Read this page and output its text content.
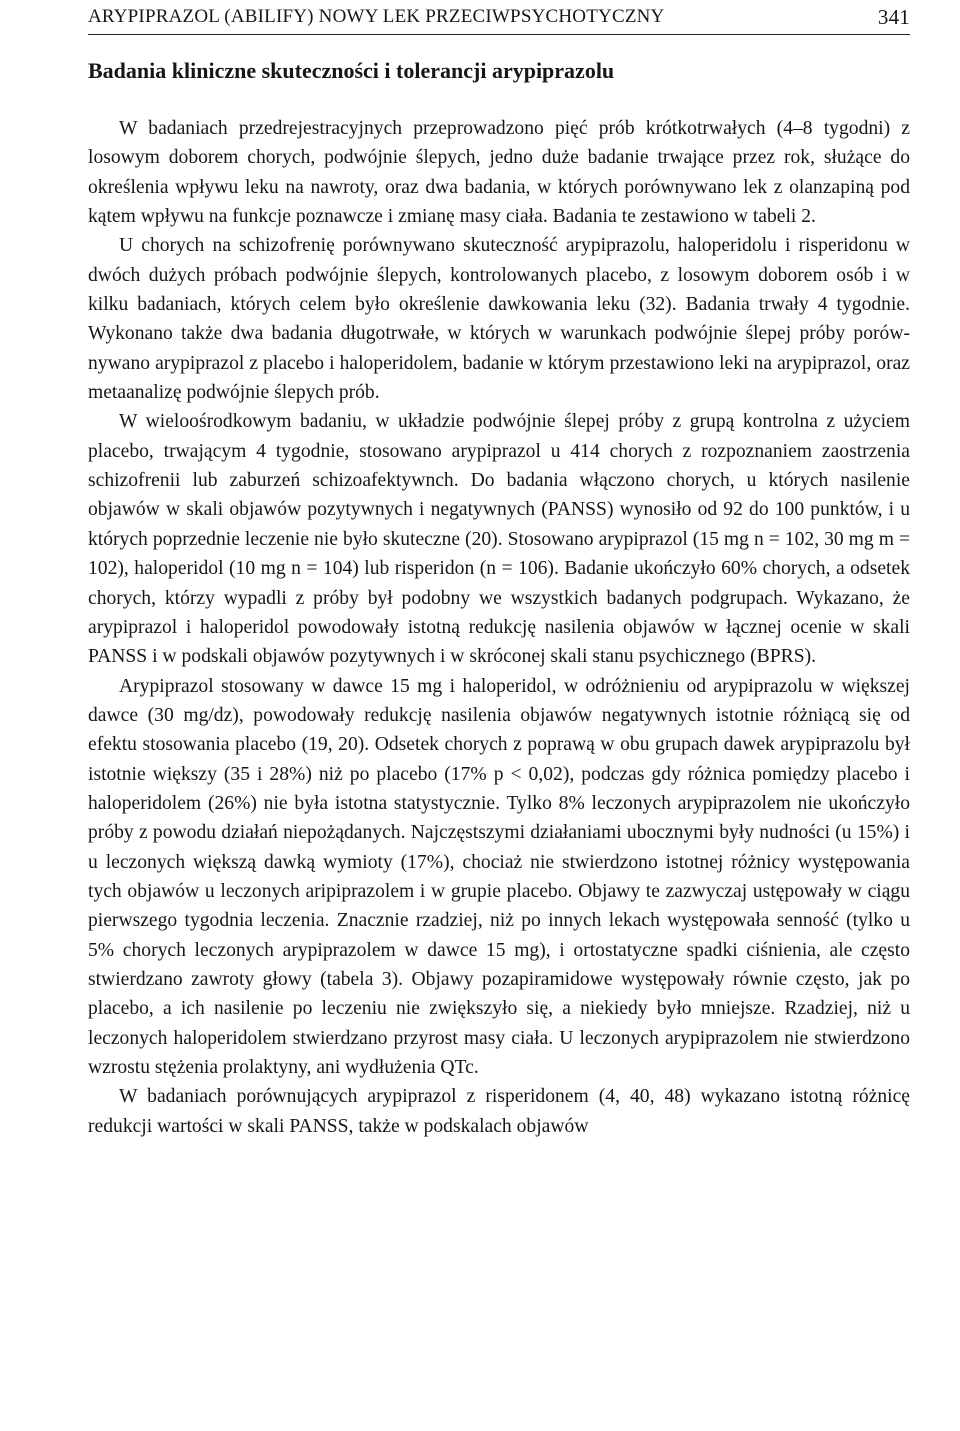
ARYPIPRAZOL (ABILIFY) NOWY LEK PRZECIWPSYCHOTYCZNY	341
Badania kliniczne skuteczności i tolerancji arypiprazolu

W badaniach przedrejestracyjnych przeprowadzono pięć prób krótkotrwałych (4–8 tygodni) z losowym doborem chorych, podwójnie ślepych, jedno duże badanie trwające przez rok, służące do określenia wpływu leku na nawroty, oraz dwa badania, w których porównywano lek z olanzapiną pod kątem wpływu na funkcje poznawcze i zmianę masy ciała. Badania te zestawiono w tabeli 2.

U chorych na schizofrenię porównywano skuteczność arypiprazolu, haloperidolu i risperidonu w dwóch dużych próbach podwójnie ślepych, kontrolowanych placebo, z losowym doborem osób i w kilku badaniach, których celem było określenie dawkowania leku (32). Badania trwały 4 tygodnie. Wykonano także dwa badania długotrwałe, w których w warunkach podwójnie ślepej próby porównywano arypiprazol z placebo i haloperidolem, badanie w którym przestawiono leki na arypiprazol, oraz metaanalizę podwójnie ślepych prób.

W wieloośrodkowym badaniu, w układzie podwójnie ślepej próby z grupą kontrolna z użyciem placebo, trwającym 4 tygodnie, stosowano arypiprazol u 414 chorych z rozpoznaniem zaostrzenia schizofrenii lub zaburzeń schizoafektywnch. Do badania włączono chorych, u których nasilenie objawów w skali objawów pozytywnych i negatywnych (PANSS) wynosiło od 92 do 100 punktów, i u których poprzednie leczenie nie było skuteczne (20). Stosowano arypiprazol (15 mg n = 102, 30 mg m = 102), haloperidol (10 mg n = 104) lub risperidon (n = 106). Badanie ukończyło 60% chorych, a odsetek chorych, którzy wypadli z próby był podobny we wszystkich badanych podgrupach. Wykazano, że arypiprazol i haloperidol powodowały istotną redukcję nasilenia objawów w łącznej ocenie w skali PANSS i w podskali objawów pozytywnych i w skróconej skali stanu psychicznego (BPRS).

Arypiprazol stosowany w dawce 15 mg i haloperidol, w odróżnieniu od arypiprazolu w większej dawce (30 mg/dz), powodowały redukcję nasilenia objawów negatywnych istotnie różniącą się od efektu stosowania placebo (19, 20). Odsetek chorych z poprawą w obu grupach dawek arypiprazolu był istotnie większy (35 i 28%) niż po placebo (17% p < 0,02), podczas gdy różnica pomiędzy placebo i haloperidolem (26%) nie była istotna statystycznie. Tylko 8% leczonych arypiprazolem nie ukończyło próby z powodu działań niepożądanych. Najczęstszymi działaniami ubocznymi były nudności (u 15%) i u leczonych większą dawką wymioty (17%), chociaż nie stwierdzono istotnej różnicy występowania tych objawów u leczonych aripiprazolem i w grupie placebo. Objawy te zazwyczaj ustępowały w ciągu pierwszego tygodnia leczenia. Znacznie rzadziej, niż po innych lekach występowała senność (tylko u 5% chorych leczonych arypiprazolem w dawce 15 mg), i ortostatyczne spadki ciśnienia, ale często stwierdzano zawroty głowy (tabela 3). Objawy pozapiramidowe występowały równie często, jak po placebo, a ich nasilenie po leczeniu nie zwiększyło się, a niekiedy było mniejsze. Rzadziej, niż u leczonych haloperidolem stwierdzano przyrost masy ciała. U leczonych arypiprazolem nie stwierdzono wzrostu stężenia prolaktyny, ani wydłużenia QTc.

W badaniach porównujących arypiprazol z risperidonem (4, 40, 48) wykazano istotną różnicę redukcji wartości w skali PANSS, także w podskalach objawów
